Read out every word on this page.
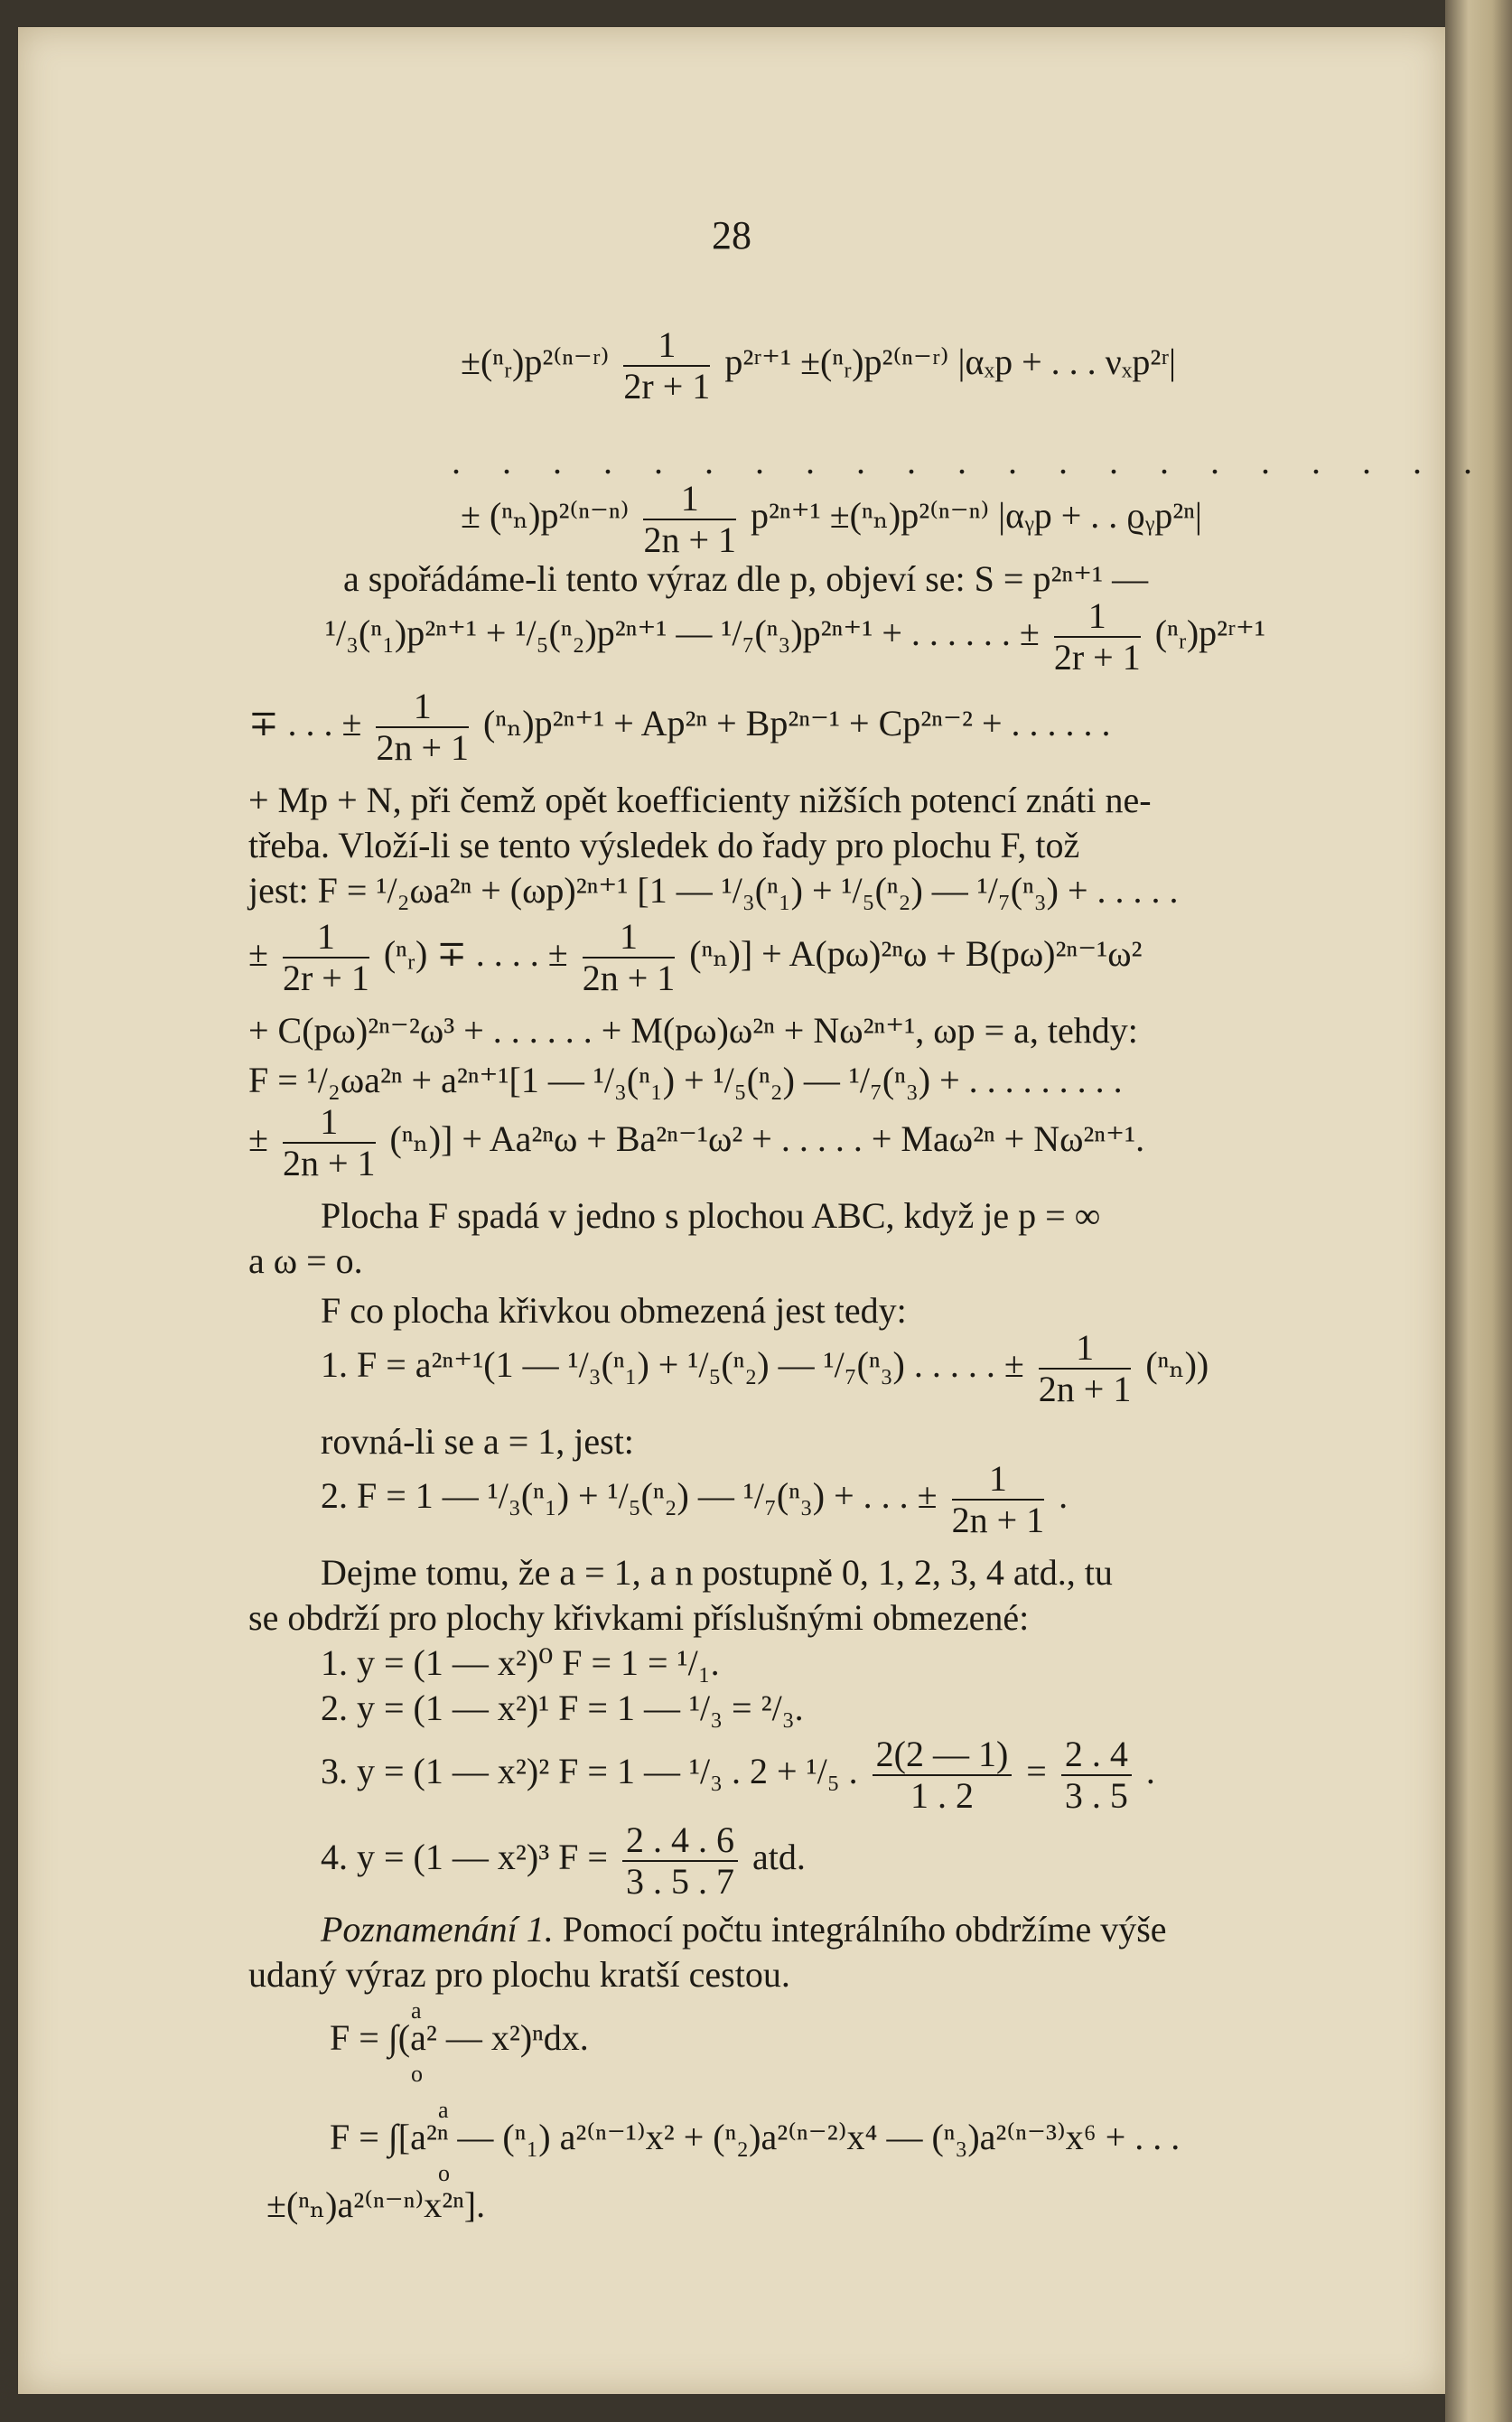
28
±(ⁿᵣ)p²⁽ⁿ⁻ʳ⁾ $\frac{1}{2r + 1}$ p²ʳ⁺¹ ±(ⁿᵣ)p²⁽ⁿ⁻ʳ⁾ |αₓp + . . . νₓp²ʳ|
. . . . . . . . . . . . . . . . . . . . .
± $(^n_n)p^{2(n-n)} \frac{1}{2n + 1} p^{2n+1} \pm(^n_n)p^{2(n-n)}$ |αᵧp + . . ϱᵧp²ⁿ|
a spořádáme-li tento výraz dle p, objeví se: S = p²ⁿ⁺¹ —
¹/₃(ⁿ₁)p²ⁿ⁺¹ + ¹/₅(ⁿ₂)p²ⁿ⁺¹ — ¹/₇(ⁿ₃)p²ⁿ⁺¹ + . . . . . . ± $\frac{1}{2r + 1}$ (ⁿᵣ)p²ʳ⁺¹
∓ . . . ± $\frac{1}{2n + 1} (^n_n)p^{2n+1} + Ap^{2n} + Bp^{2n-1} + Cp^{2n-2}$ + . . . . . .
+ Mp + N, při čemž opět koefficienty nižších potencí znáti ne-
třeba. Vloží-li se tento výsledek do řady pro plochu F, tož
jest: F = ¹/₂ωa²ⁿ + (ωp)²ⁿ⁺¹ [1 — ¹/₃(ⁿ₁) + ¹/₅(ⁿ₂) — ¹/₇(ⁿ₃) + . . . . .
± $\frac{1}{2r + 1}$ (ⁿᵣ) ∓ . . . . ± $\frac{1}{2n + 1} (^n_n)] + A(p\omega)^{2n}\omega + B(p\omega)^{2n-1}\omega^2$
+ C(pω)²ⁿ⁻²ω³ + . . . . . . + M(pω)ω²ⁿ + Nω²ⁿ⁺¹, ωp = a, tehdy:
F = ¹/₂ωa²ⁿ + a²ⁿ⁺¹[1 — ¹/₃(ⁿ₁) + ¹/₅(ⁿ₂) — ¹/₇(ⁿ₃) + . . . . . . . . .
± $\frac{1}{2n + 1} (^n_n)] + Aa^{2n}\omega + Ba^{2n-1}\omega^2$ + . . . . . + Maω²ⁿ + Nω²ⁿ⁺¹.
Plocha F spadá v jedno s plochou ABC, když je p = ∞
a ω = o.
F co plocha křivkou obmezená jest tedy:
1. F = a²ⁿ⁺¹(1 — ¹/₃(ⁿ₁) + ¹/₅(ⁿ₂) — ¹/₇(ⁿ₃) . . . . . ± $\frac{1}{2n + 1} (^n_n)$)
rovná-li se a = 1, jest:
2. F = 1 — ¹/₃(ⁿ₁) + ¹/₅(ⁿ₂) — ¹/₇(ⁿ₃) + . . . ± $\frac{1}{2n + 1}$ .
Dejme tomu, že a = 1, a n postupně 0, 1, 2, 3, 4 atd., tu
se obdrží pro plochy křivkami příslušnými obmezené:
1. y = (1 — x²)⁰ F = 1 = ¹/₁.
2. y = (1 — x²)¹ F = 1 — ¹/₃ = ²/₃.
3. y = (1 — x²)² F = 1 — ¹/₃ . 2 + ¹/₅ . $\frac{2(2 — 1)}{1 . 2} = \frac{2 . 4}{3 . 5}$ .
4. y = (1 — x²)³ $F = \frac{2 . 4 . 6}{3 . 5 . 7}$ atd.
Poznamenání 1. Pomocí počtu integrálního obdržíme výše
udaný výraz pro plochu kratší cestou.
a
F = ∫(a² — x²)ⁿdx.
o
a
F = ∫[a²ⁿ — (ⁿ₁) a²⁽ⁿ⁻¹⁾x² + (ⁿ₂)a²⁽ⁿ⁻²⁾x⁴ — (ⁿ₃)a²⁽ⁿ⁻³⁾x⁶ + . . .
o
±(ⁿₙ)a²⁽ⁿ⁻ⁿ⁾x²ⁿ].
